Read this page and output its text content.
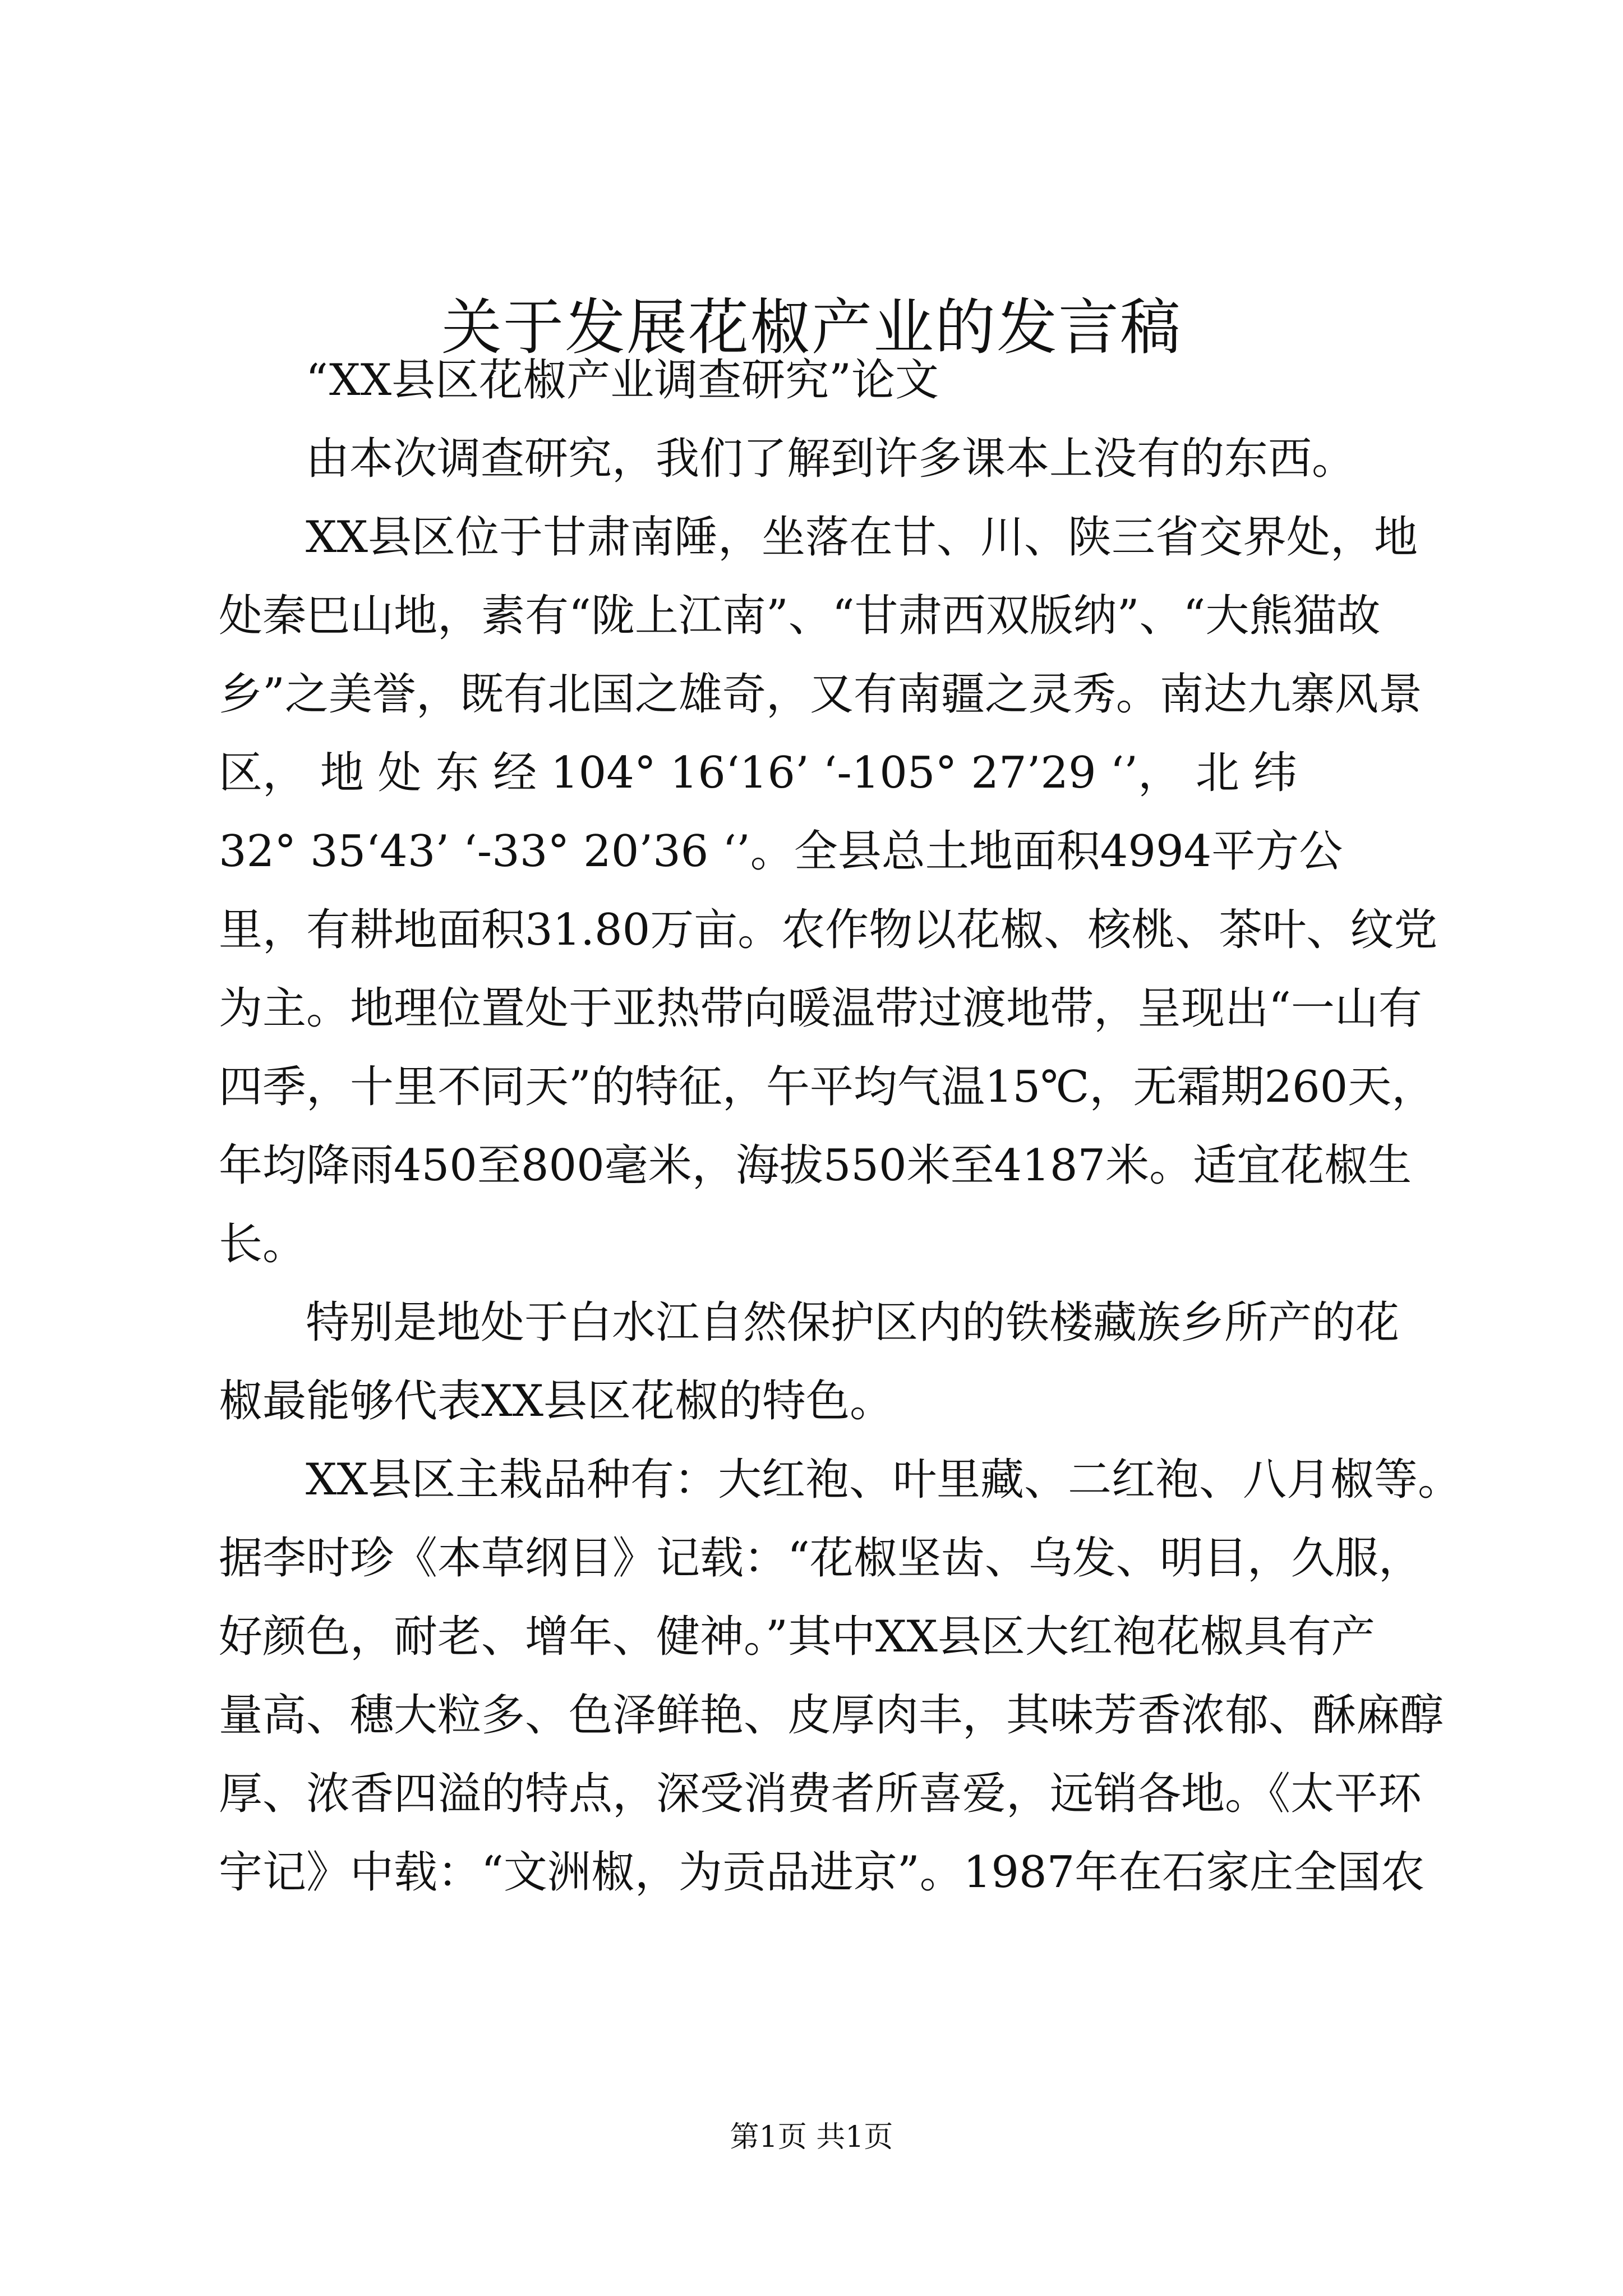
关于发展花椒产业的发言稿
“XX县区花椒产业调查研究”论文
由本次调查研究，我们了解到许多课本上没有的东西。
XX县区位于甘肃南陲，坐落在甘、川、陕三省交界处，地
处秦巴山地，素有“陇上江南”、“甘肃西双版纳”、“大熊猫故
乡”之美誉，既有北国之雄奇，又有南疆之灵秀。南达九寨风景
区， 地 处 东 经 104° 16‘16’ ‘-105° 27’29 ‘’， 北 纬
32° 35‘43’ ‘-33° 20’36 ‘’。全县总土地面积4994平方公
里，有耕地面积31.80万亩。农作物以花椒、核桃、茶叶、纹党
为主。地理位置处于亚热带向暖温带过渡地带，呈现出“一山有
四季，十里不同天”的特征，午平均气温15℃，无霜期260天，
年均降雨450至800毫米，海拔550米至4187米。适宜花椒生
长。
特别是地处于白水江自然保护区内的铁楼藏族乡所产的花
椒最能够代表XX县区花椒的特色。
XX县区主栽品种有：大红袍、叶里藏、二红袍、八月椒等。
据李时珍《本草纲目》记载：“花椒坚齿、乌发、明目，久服，
好颜色，耐老、增年、健神。”其中XX县区大红袍花椒具有产
量高、穗大粒多、色泽鲜艳、皮厚肉丰，其味芳香浓郁、酥麻醇
厚、浓香四溢的特点，深受消费者所喜爱，远销各地。《太平环
宇记》中载：“文洲椒，为贡品进京”。1987年在石家庄全国农
第1页 共1页
